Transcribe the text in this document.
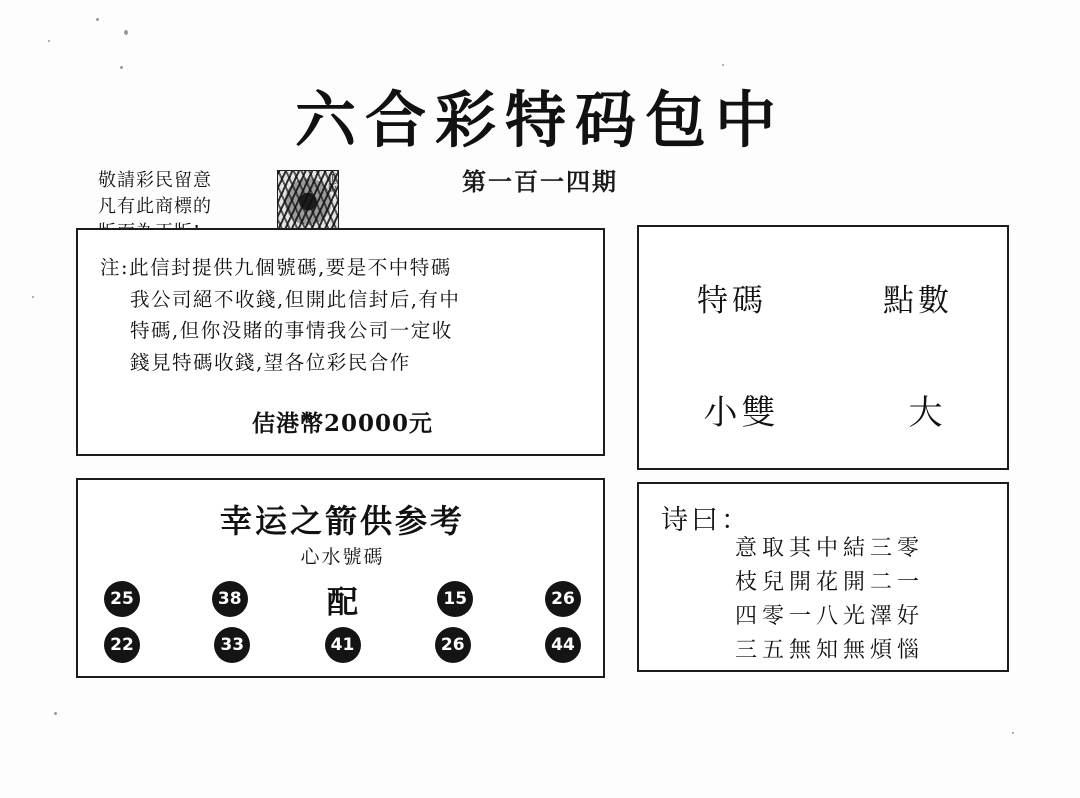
六合彩特码包中
第一百一四期
敬請彩民留意
凡有此商標的
正版
注:此信封提供九個號碼,要是不中特碼
我公司絕不收錢,但開此信封后,有中
特碼,但你没賭的事情我公司一定收
錢見特碼收錢,望各位彩民合作
佶港幣20000元
特碼	點數
小雙	大
幸运之箭供参考
心水號碼
25	38	配	15	26
22	33	41	26	44
诗曰：
意取其中結三零
枝兒開花開二一
四零一八光澤好
三五無知無煩惱
